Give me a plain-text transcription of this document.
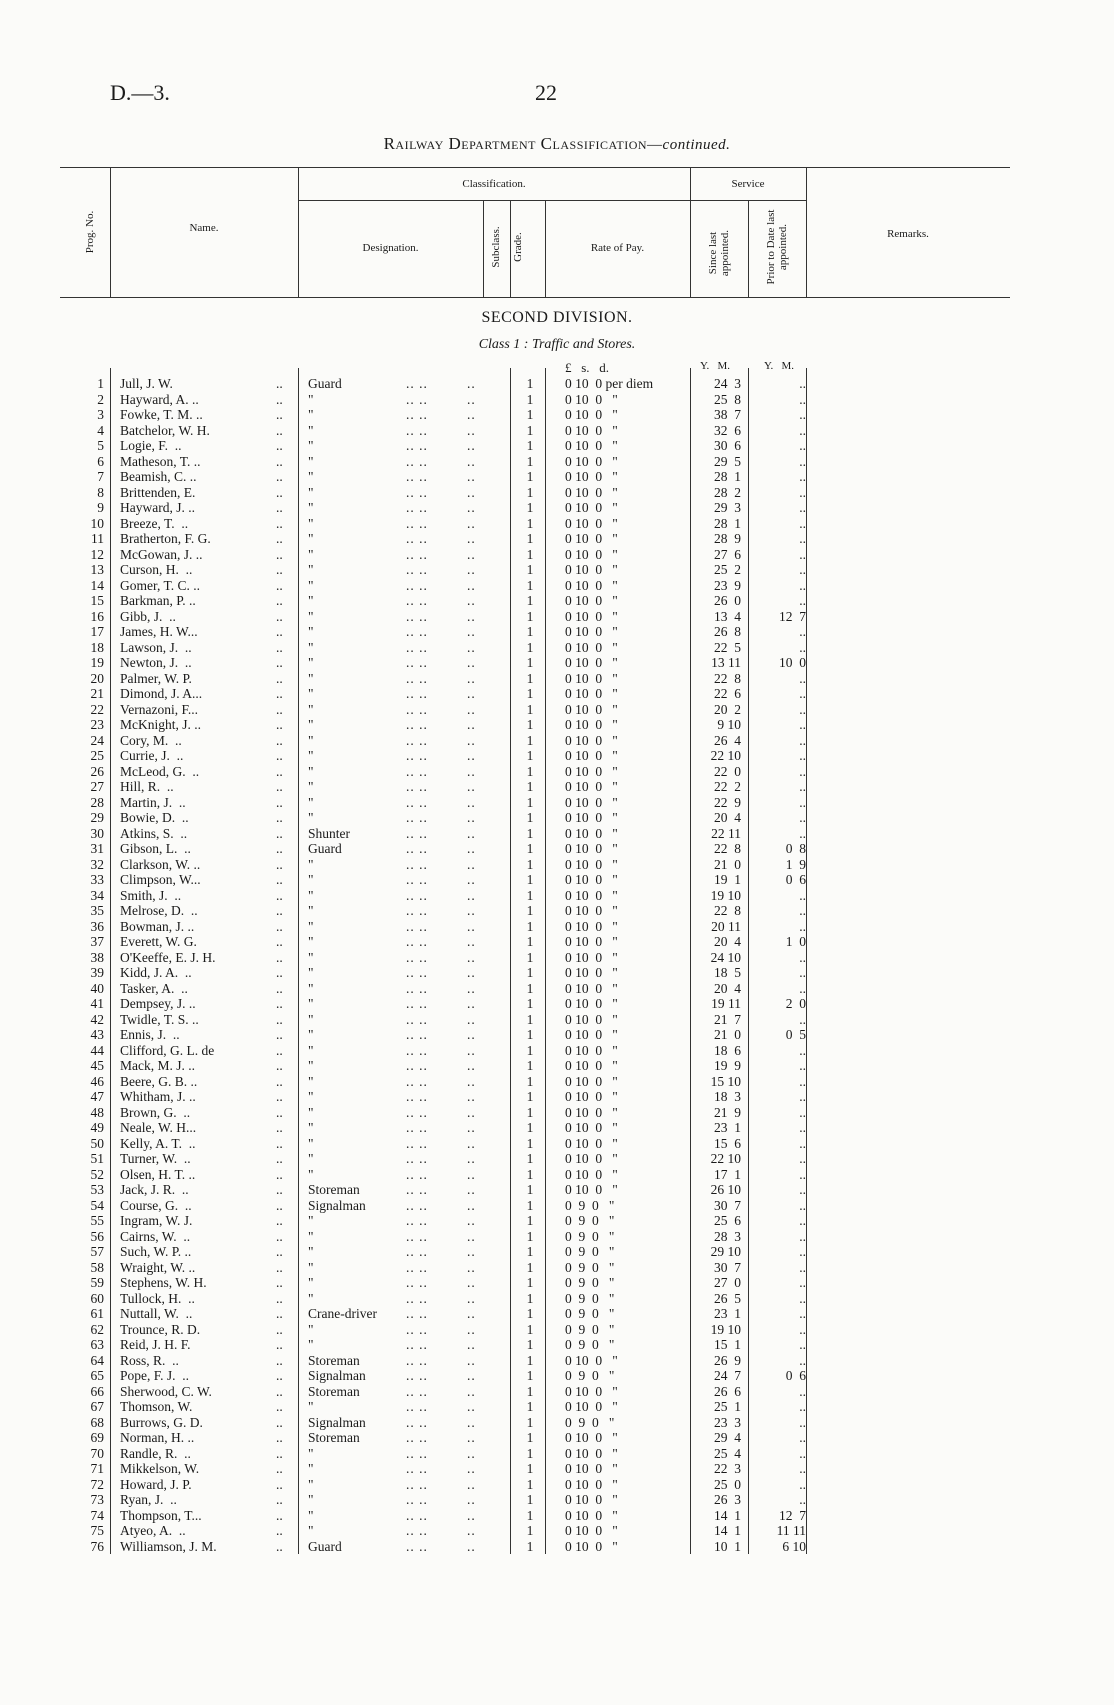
D.—3.	22
Railway Department Classification—continued.
Prog. No.	Name.
Classification.
Designation.	Subclass. Grade.	Rate of Pay.
Service
Since last appointed.	Prior to Date last appointed.	Remarks.
SECOND DIVISION.
Class 1 : Traffic and Stores.
£   s.   d.	Y.   M.	Y.   M.
1 Jull, J. W.	.. Guard	.. ..	..	1 0 10  0 per diem	24  3	..
2 Hayward, A. ..	.. "	.. ..	..	1 0 10  0   "	25  8	..
3 Fowke, T. M. ..	.. "	.. ..	..	1 0 10  0   "	38  7	..
4 Batchelor, W. H.	.. "	.. ..	..	1 0 10  0   "	32  6	..
5 Logie, F.  ..	.. "	.. ..	..	1 0 10  0   "	30  6	..
6 Matheson, T. ..	.. "	.. ..	..	1 0 10  0   "	29  5	..
7 Beamish, C. ..	.. "	.. ..	..	1 0 10  0   "	28  1	..
8 Brittenden, E.	.. "	.. ..	..	1 0 10  0   "	28  2	..
9 Hayward, J. ..	.. "	.. ..	..	1 0 10  0   "	29  3	..
10 Breeze, T.  ..	.. "	.. ..	..	1 0 10  0   "	28  1	..
11 Bratherton, F. G.	.. "	.. ..	..	1 0 10  0   "	28  9	..
12 McGowan, J. ..	.. "	.. ..	..	1 0 10  0   "	27  6	..
13 Curson, H.  ..	.. "	.. ..	..	1 0 10  0   "	25  2	..
14 Gomer, T. C. ..	.. "	.. ..	..	1 0 10  0   "	23  9	..
15 Barkman, P. ..	.. "	.. ..	..	1 0 10  0   "	26  0	..
16 Gibb, J.  ..	.. "	.. ..	..	1 0 10  0   "	13  4	12  7
17 James, H. W...	.. "	.. ..	..	1 0 10  0   "	26  8	..
18 Lawson, J.  ..	.. "	.. ..	..	1 0 10  0   "	22  5	..
19 Newton, J.  ..	.. "	.. ..	..	1 0 10  0   "	13 11	10  0
20 Palmer, W. P.	.. "	.. ..	..	1 0 10  0   "	22  8	..
21 Dimond, J. A...	.. "	.. ..	..	1 0 10  0   "	22  6	..
22 Vernazoni, F...	.. "	.. ..	..	1 0 10  0   "	20  2	..
23 McKnight, J. ..	.. "	.. ..	..	1 0 10  0   "	9 10	..
24 Cory, M.  ..	.. "	.. ..	..	1 0 10  0   "	26  4	..
25 Currie, J.  ..	.. "	.. ..	..	1 0 10  0   "	22 10	..
26 McLeod, G.  ..	.. "	.. ..	..	1 0 10  0   "	22  0	..
27 Hill, R.  ..	.. "	.. ..	..	1 0 10  0   "	22  2	..
28 Martin, J.  ..	.. "	.. ..	..	1 0 10  0   "	22  9	..
29 Bowie, D.  ..	.. "	.. ..	..	1 0 10  0   "	20  4	..
30 Atkins, S.  ..	.. Shunter	.. ..	..	1 0 10  0   "	22 11	..
31 Gibson, L.  ..	.. Guard	.. ..	..	1 0 10  0   "	22  8	0  8
32 Clarkson, W. ..	.. "	.. ..	..	1 0 10  0   "	21  0	1  9
33 Climpson, W...	.. "	.. ..	..	1 0 10  0   "	19  1	0  6
34 Smith, J.  ..	.. "	.. ..	..	1 0 10  0   "	19 10	..
35 Melrose, D.  ..	.. "	.. ..	..	1 0 10  0   "	22  8	..
36 Bowman, J. ..	.. "	.. ..	..	1 0 10  0   "	20 11	..
37 Everett, W. G.	.. "	.. ..	..	1 0 10  0   "	20  4	1  0
38 O'Keeffe, E. J. H.	.. "	.. ..	..	1 0 10  0   "	24 10	..
39 Kidd, J. A.  ..	.. "	.. ..	..	1 0 10  0   "	18  5	..
40 Tasker, A.  ..	.. "	.. ..	..	1 0 10  0   "	20  4	..
41 Dempsey, J. ..	.. "	.. ..	..	1 0 10  0   "	19 11	2  0
42 Twidle, T. S. ..	.. "	.. ..	..	1 0 10  0   "	21  7	..
43 Ennis, J.  ..	.. "	.. ..	..	1 0 10  0   "	21  0	0  5
44 Clifford, G. L. de	.. "	.. ..	..	1 0 10  0   "	18  6	..
45 Mack, M. J. ..	.. "	.. ..	..	1 0 10  0   "	19  9	..
46 Beere, G. B. ..	.. "	.. ..	..	1 0 10  0   "	15 10	..
47 Whitham, J. ..	.. "	.. ..	..	1 0 10  0   "	18  3	..
48 Brown, G.  ..	.. "	.. ..	..	1 0 10  0   "	21  9	..
49 Neale, W. H...	.. "	.. ..	..	1 0 10  0   "	23  1	..
50 Kelly, A. T.  ..	.. "	.. ..	..	1 0 10  0   "	15  6	..
51 Turner, W.  ..	.. "	.. ..	..	1 0 10  0   "	22 10	..
52 Olsen, H. T. ..	.. "	.. ..	..	1 0 10  0   "	17  1	..
53 Jack, J. R.  ..	.. Storeman	.. ..	..	1 0 10  0   "	26 10	..
54 Course, G.  ..	.. Signalman	.. ..	..	1 0  9  0   "	30  7	..
55 Ingram, W. J.	.. "	.. ..	..	1 0  9  0   "	25  6	..
56 Cairns, W.  ..	.. "	.. ..	..	1 0  9  0   "	28  3	..
57 Such, W. P. ..	.. "	.. ..	..	1 0  9  0   "	29 10	..
58 Wraight, W. ..	.. "	.. ..	..	1 0  9  0   "	30  7	..
59 Stephens, W. H.	.. "	.. ..	..	1 0  9  0   "	27  0	..
60 Tullock, H.  ..	.. "	.. ..	..	1 0  9  0   "	26  5	..
61 Nuttall, W.  ..	.. Crane-driver .. ..	..	1 0  9  0   "	23  1	..
62 Trounce, R. D.	.. "	.. ..	..	1 0  9  0   "	19 10	..
63 Reid, J. H. F.	.. "	.. ..	..	1 0  9  0   "	15  1	..
64 Ross, R.  ..	.. Storeman	.. ..	..	1 0 10  0   "	26  9	..
65 Pope, F. J.  ..	.. Signalman	.. ..	..	1 0  9  0   "	24  7	0  6
66 Sherwood, C. W.	.. Storeman	.. ..	..	1 0 10  0   "	26  6	..
67 Thomson, W.	.. "	.. ..	..	1 0 10  0   "	25  1	..
68 Burrows, G. D.	.. Signalman	.. ..	..	1 0  9  0   "	23  3	..
69 Norman, H. ..	.. Storeman	.. ..	..	1 0 10  0   "	29  4	..
70 Randle, R.  ..	.. "	.. ..	..	1 0 10  0   "	25  4	..
71 Mikkelson, W.	.. "	.. ..	..	1 0 10  0   "	22  3	..
72 Howard, J. P.	.. "	.. ..	..	1 0 10  0   "	25  0	..
73 Ryan, J.  ..	.. "	.. ..	..	1 0 10  0   "	26  3	..
74 Thompson, T...	.. "	.. ..	..	1 0 10  0   "	14  1	12  7
75 Atyeo, A.  ..	.. "	.. ..	..	1 0 10  0   "	14  1	11 11
76 Williamson, J. M.	.. Guard	.. ..	..	1 0 10  0   "	10  1	6 10
